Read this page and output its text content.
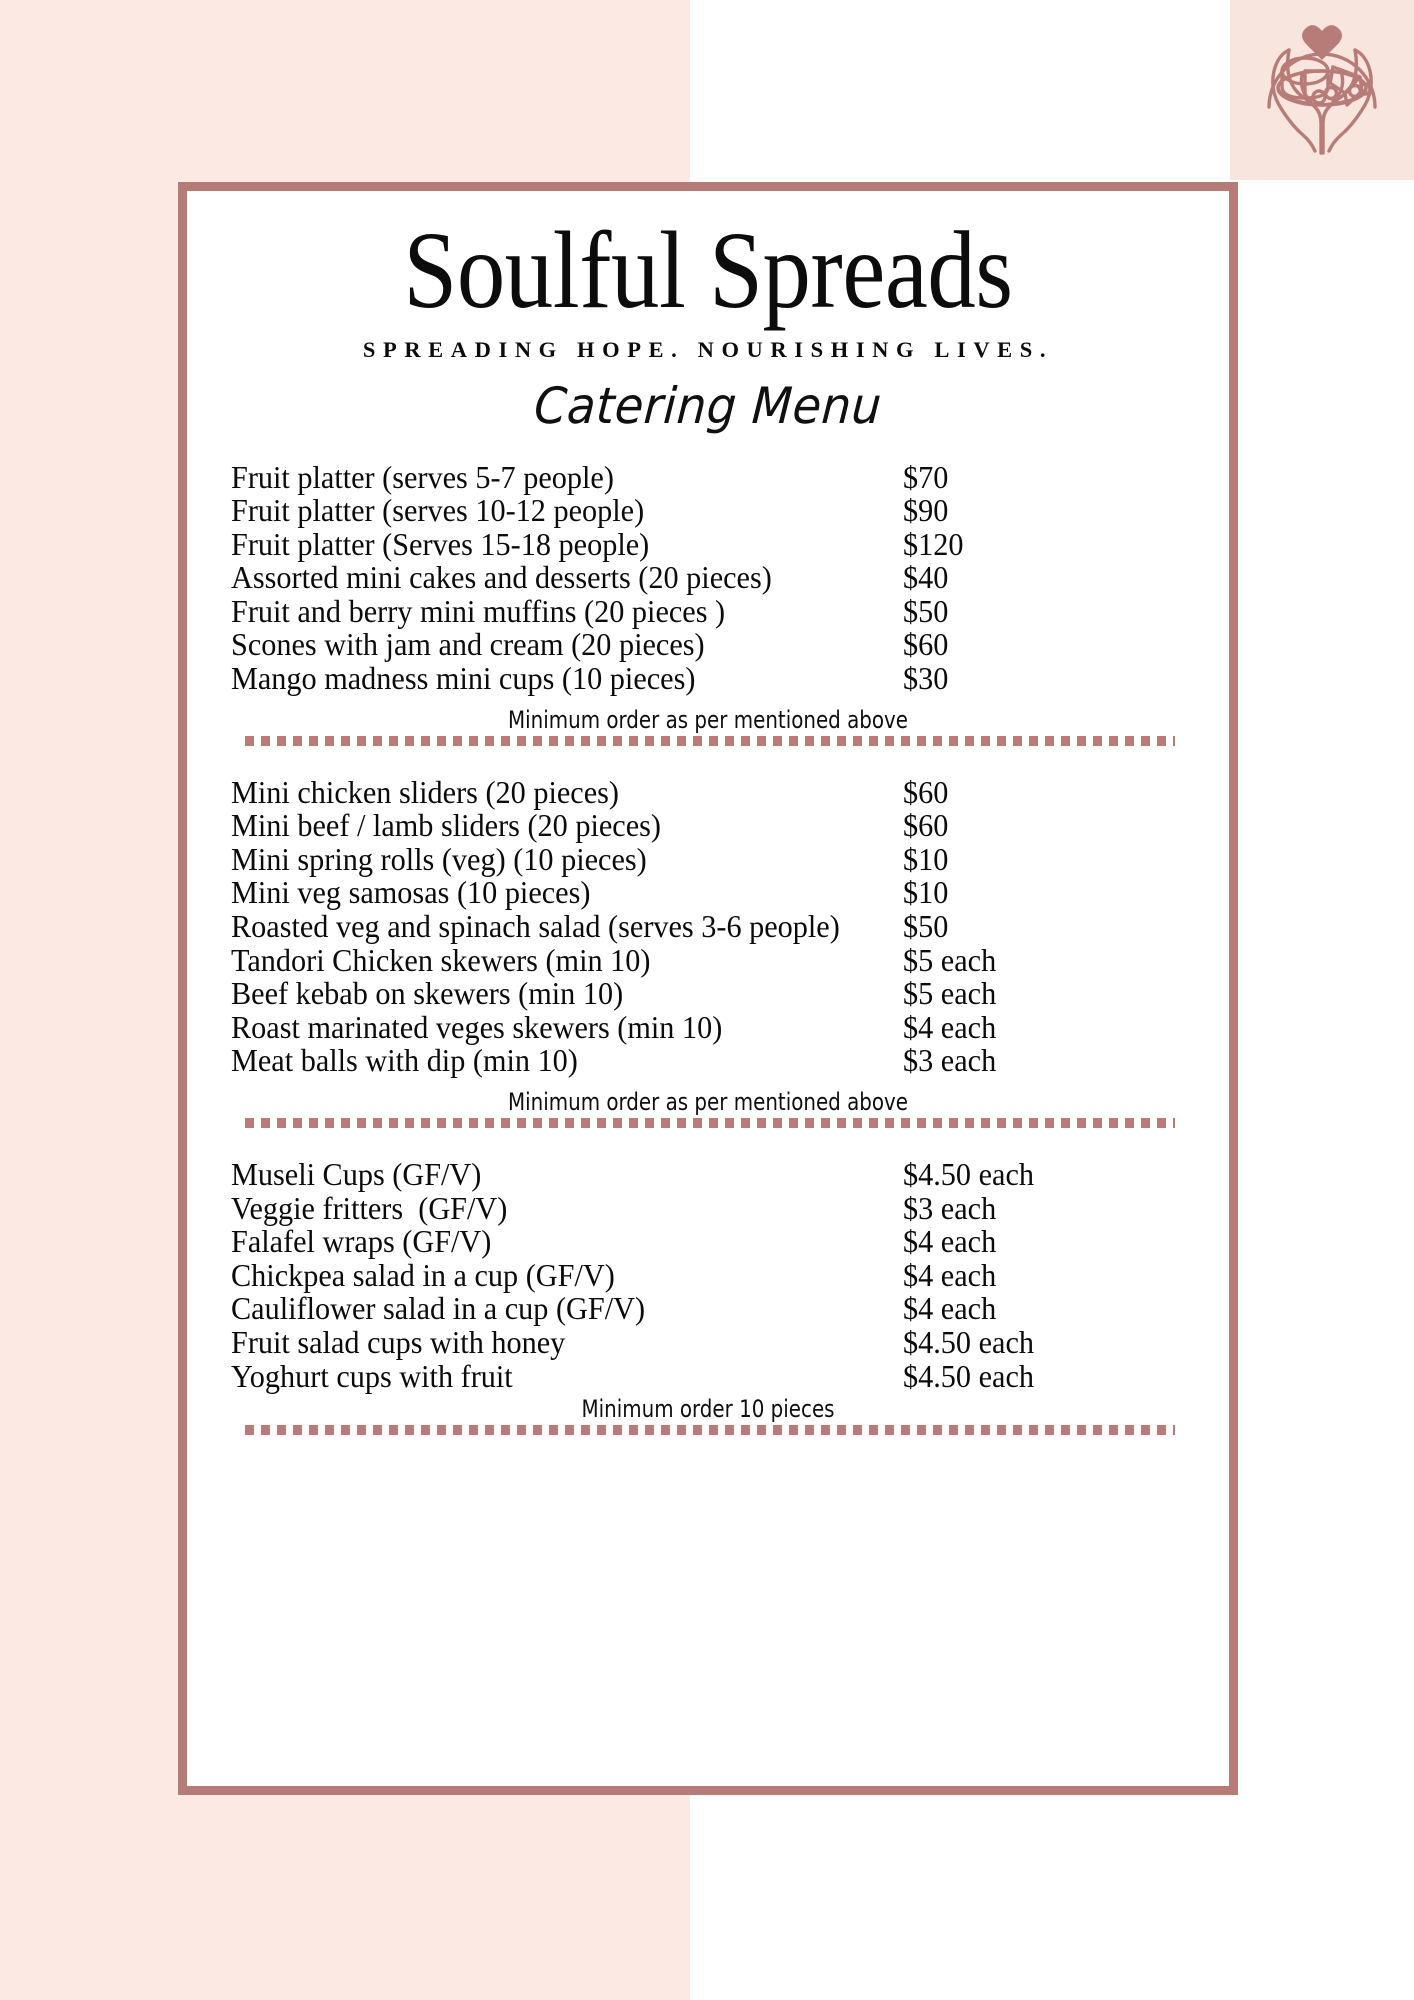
Soulful Spreads

SPREADING HOPE. NOURISHING LIVES.

Catering Menu

Fruit platter (serves 5-7 people)	$70
Fruit platter (serves 10-12 people)	$90
Fruit platter (Serves 15-18 people)	$120
Assorted mini cakes and desserts (20 pieces)	$40
Fruit and berry mini muffins (20 pieces )	$50
Scones with jam and cream (20 pieces)	$60
Mango madness mini cups (10 pieces)	$30
Minimum order as per mentioned above
Mini chicken sliders (20 pieces)	$60
Mini beef / lamb sliders (20 pieces)	$60
Mini spring rolls (veg) (10 pieces)	$10
Mini veg samosas (10 pieces)	$10
Roasted veg and spinach salad (serves 3-6 people)	$50
Tandori Chicken skewers (min 10)	$5 each
Beef kebab on skewers (min 10)	$5 each
Roast marinated veges skewers (min 10)	$4 each
Meat balls with dip (min 10)	$3 each
Minimum order as per mentioned above
Museli Cups (GF/V)	$4.50 each
Veggie fritters  (GF/V)	$3 each
Falafel wraps (GF/V)	$4 each
Chickpea salad in a cup (GF/V)	$4 each
Cauliflower salad in a cup (GF/V)	$4 each
Fruit salad cups with honey	$4.50 each
Yoghurt cups with fruit	$4.50 each
Minimum order 10 pieces
